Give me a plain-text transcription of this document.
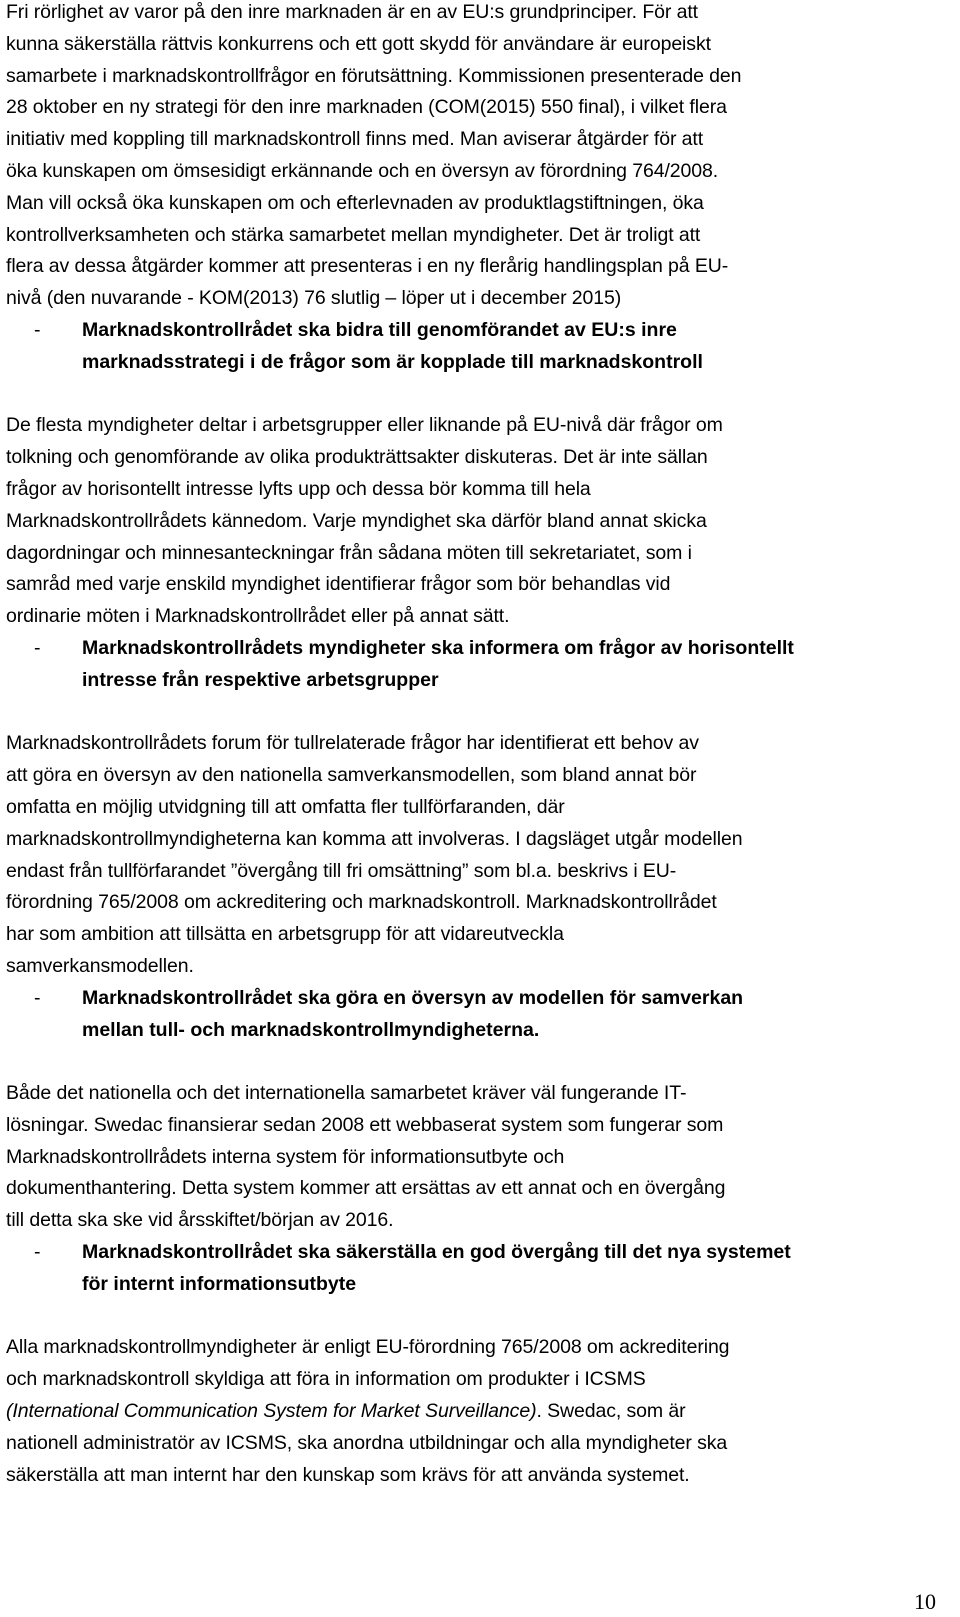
Fri rörlighet av varor på den inre marknaden är en av EU:s grundprinciper. För att
kunna säkerställa rättvis konkurrens och ett gott skydd för användare är europeiskt
samarbete i marknadskontrollfrågor en förutsättning. Kommissionen presenterade den
28 oktober en ny strategi för den inre marknaden (COM(2015) 550 final), i vilket flera
initiativ med koppling till marknadskontroll finns med. Man aviserar åtgärder för att
öka kunskapen om ömsesidigt erkännande och en översyn av förordning 764/2008.
Man vill också öka kunskapen om och efterlevnaden av produktlagstiftningen, öka
kontrollverksamheten och stärka samarbetet mellan myndigheter. Det är troligt att
flera av dessa åtgärder kommer att presenteras i en ny flerårig handlingsplan på EU-
nivå (den nuvarande - KOM(2013) 76 slutlig – löper ut i december 2015)
- Marknadskontrollrådet ska bidra till genomförandet av EU:s inre
marknadsstrategi i de frågor som är kopplade till marknadskontroll
De flesta myndigheter deltar i arbetsgrupper eller liknande på EU-nivå där frågor om
tolkning och genomförande av olika produkträttsakter diskuteras. Det är inte sällan
frågor av horisontellt intresse lyfts upp och dessa bör komma till hela
Marknadskontrollrådets kännedom. Varje myndighet ska därför bland annat skicka
dagordningar och minnesanteckningar från sådana möten till sekretariatet, som i
samråd med varje enskild myndighet identifierar frågor som bör behandlas vid
ordinarie möten i Marknadskontrollrådet eller på annat sätt.
- Marknadskontrollrådets myndigheter ska informera om frågor av horisontellt
intresse från respektive arbetsgrupper
Marknadskontrollrådets forum för tullrelaterade frågor har identifierat ett behov av
att göra en översyn av den nationella samverkansmodellen, som bland annat bör
omfatta en möjlig utvidgning till att omfatta fler tullförfaranden, där
marknadskontrollmyndigheterna kan komma att involveras. I dagsläget utgår modellen
endast från tullförfarandet ”övergång till fri omsättning” som bl.a. beskrivs i EU-
förordning 765/2008 om ackreditering och marknadskontroll. Marknadskontrollrådet
har som ambition att tillsätta en arbetsgrupp för att vidareutveckla
samverkansmodellen.
- Marknadskontrollrådet ska göra en översyn av modellen för samverkan
mellan tull- och marknadskontrollmyndigheterna.
Både det nationella och det internationella samarbetet kräver väl fungerande IT-
lösningar. Swedac finansierar sedan 2008 ett webbaserat system som fungerar som
Marknadskontrollrådets interna system för informationsutbyte och
dokumenthantering. Detta system kommer att ersättas av ett annat och en övergång
till detta ska ske vid årsskiftet/början av 2016.
- Marknadskontrollrådet ska säkerställa en god övergång till det nya systemet
för internt informationsutbyte
Alla marknadskontrollmyndigheter är enligt EU-förordning 765/2008 om ackreditering
och marknadskontroll skyldiga att föra in information om produkter i ICSMS
(International Communication System for Market Surveillance). Swedac, som är
nationell administratör av ICSMS, ska anordna utbildningar och alla myndigheter ska
säkerställa att man internt har den kunskap som krävs för att använda systemet.

10
